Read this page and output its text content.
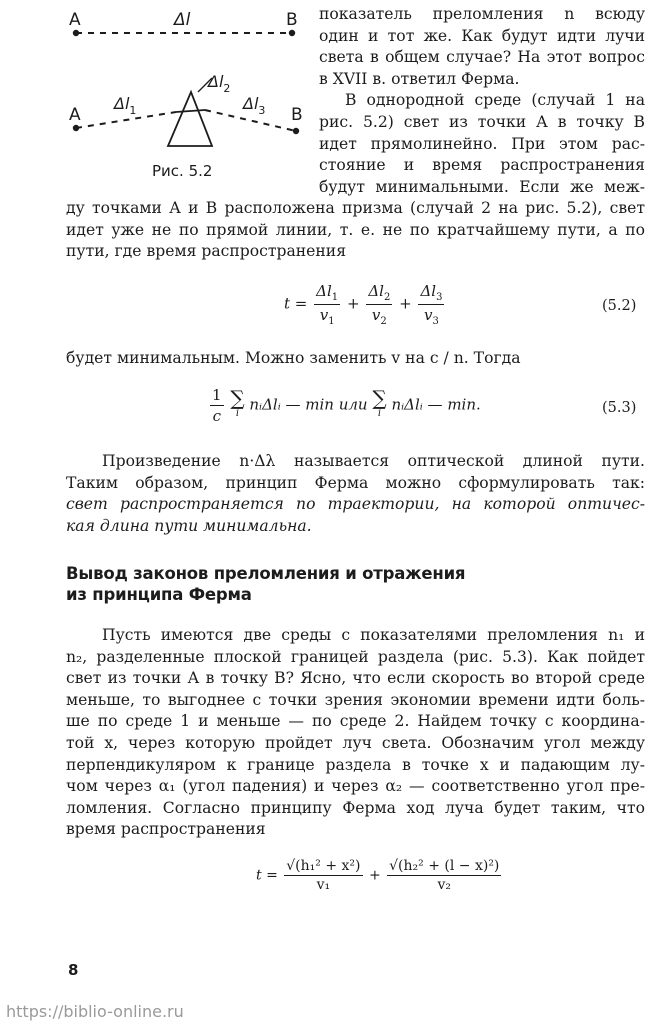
A	B
Δl
A	B
$\Delta l_1$
$\Delta l_2$
$\Delta l_3$
Рис. 5.2
показатель преломления n всюду
один и тот же. Как будут идти лучи
света в общем случае? На этот вопрос
в XVII в. ответил Ферма.
В однородной среде (случай 1 на
рис. 5.2) свет из точки А в точку В
идет прямолинейно. При этом рас-
стояние и время распространения
будут минимальными. Если же меж-
ду точками А и В расположена призма (случай 2 на рис. 5.2), свет
идет уже не по прямой линии, т. е. не по кратчайшему пути, а по
пути, где время распространения
$t = \frac{\Delta l_1}{v_1} + \frac{\Delta l_2}{v_2} + \frac{\Delta l_3}{v_3}$	(5.2)
будет минимальным. Можно заменить v на c / n. Тогда
$\frac{1}{c}$
∑
i nᵢΔlᵢ — min или ∑
i nᵢΔlᵢ — min.	(5.3)
Произведение n·Δλ называется оптической длиной пути.
Таким образом, принцип Ферма можно сформулировать так:
свет распространяется по траектории, на которой оптичес-
кая длина пути минимальна.
Вывод законов преломления и отражения
из принципа Ферма
Пусть имеются две среды с показателями преломления n₁ и
n₂, разделенные плоской границей раздела (рис. 5.3). Как пойдет
свет из точки А в точку В? Ясно, что если скорость во второй среде
меньше, то выгоднее с точки зрения экономии времени идти боль-
ше по среде 1 и меньше — по среде 2. Найдем точку с координа-
той x, через которую пройдет луч света. Обозначим угол между
перпендикуляром к границе раздела в точке x и падающим лу-
чом через α₁ (угол падения) и через α₂ — соответственно угол пре-
ломления. Согласно принципу Ферма ход луча будет таким, что
время распространения
$t = \frac{\text{√(h₁² + x²)}}{\text{v₁}} + \frac{\text{√(h₂² + (l − x)²)}}{\text{v₂}}$
8
https://biblio-online.ru
